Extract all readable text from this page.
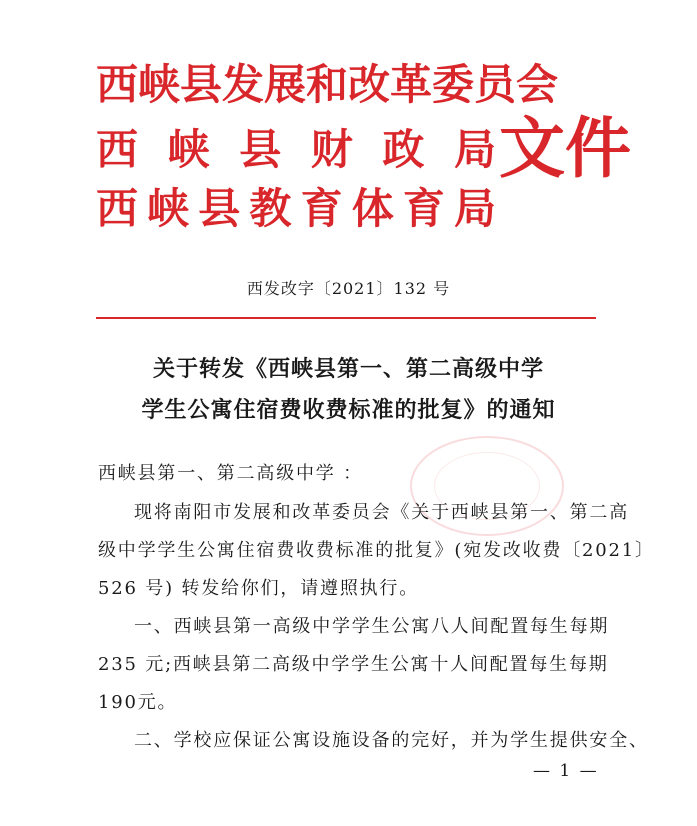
西峡县发展和改革委员会
西 峡 县 财 政 局
西 峡 县 教 育 体 育 局
文件
西发改字〔2021〕132 号
关于转发《西峡县第一、第二高级中学
学生公寓住宿费收费标准的批复》的通知
西峡县第一、第二高级中学 ：
现将南阳市发展和改革委员会《关于西峡县第一、第二高
级中学学生公寓住宿费收费标准的批复》(宛发改收费〔2021〕
526 号) 转发给你们，请遵照执行。
一、西峡县第一高级中学学生公寓八人间配置每生每期
235 元;西峡县第二高级中学学生公寓十人间配置每生每期
190元。
二、学校应保证公寓设施设备的完好，并为学生提供安全、
— 1 —
